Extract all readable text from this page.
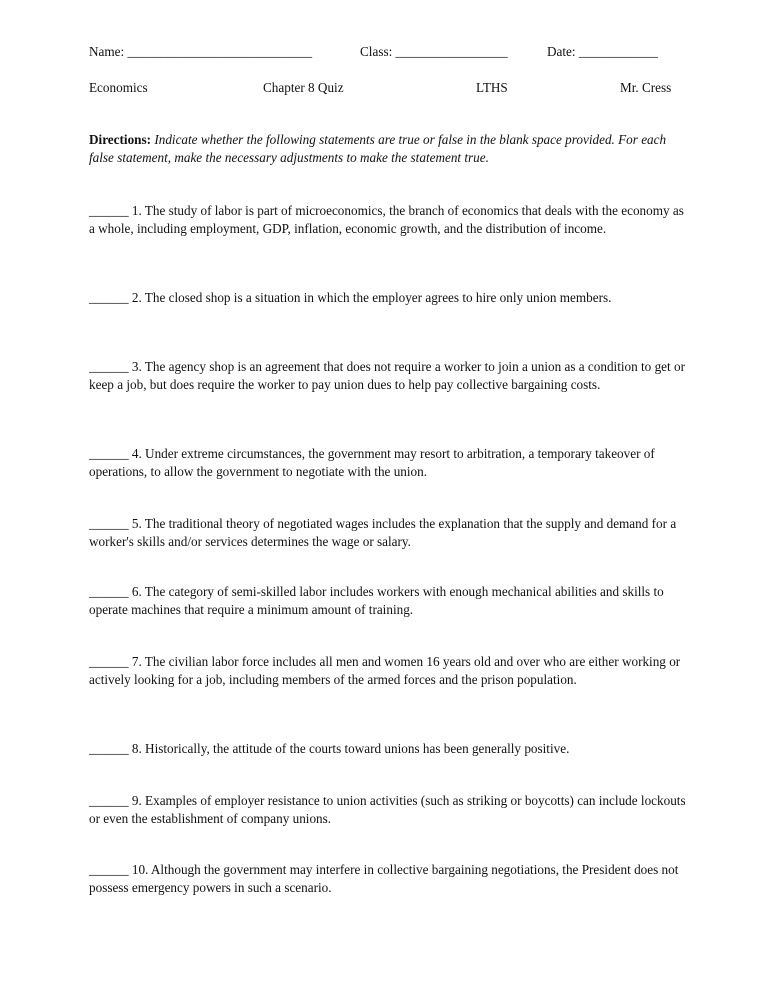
Name: ____________________________	Class: _________________	Date: ____________
Economics	Chapter 8 Quiz	LTHS	Mr. Cress
Directions: Indicate whether the following statements are true or false in the blank space provided. For each false statement, make the necessary adjustments to make the statement true.
______ 1. The study of labor is part of microeconomics, the branch of economics that deals with the economy as a whole, including employment, GDP, inflation, economic growth, and the distribution of income.
______ 2. The closed shop is a situation in which the employer agrees to hire only union members.
______ 3. The agency shop is an agreement that does not require a worker to join a union as a condition to get or keep a job, but does require the worker to pay union dues to help pay collective bargaining costs.
______ 4. Under extreme circumstances, the government may resort to arbitration, a temporary takeover of operations, to allow the government to negotiate with the union.
______ 5. The traditional theory of negotiated wages includes the explanation that the supply and demand for a worker's skills and/or services determines the wage or salary.
______ 6. The category of semi-skilled labor includes workers with enough mechanical abilities and skills to operate machines that require a minimum amount of training.
______ 7. The civilian labor force includes all men and women 16 years old and over who are either working or actively looking for a job, including members of the armed forces and the prison population.
______ 8. Historically, the attitude of the courts toward unions has been generally positive.
______ 9. Examples of employer resistance to union activities (such as striking or boycotts) can include lockouts or even the establishment of company unions.
______ 10. Although the government may interfere in collective bargaining negotiations, the President does not possess emergency powers in such a scenario.
